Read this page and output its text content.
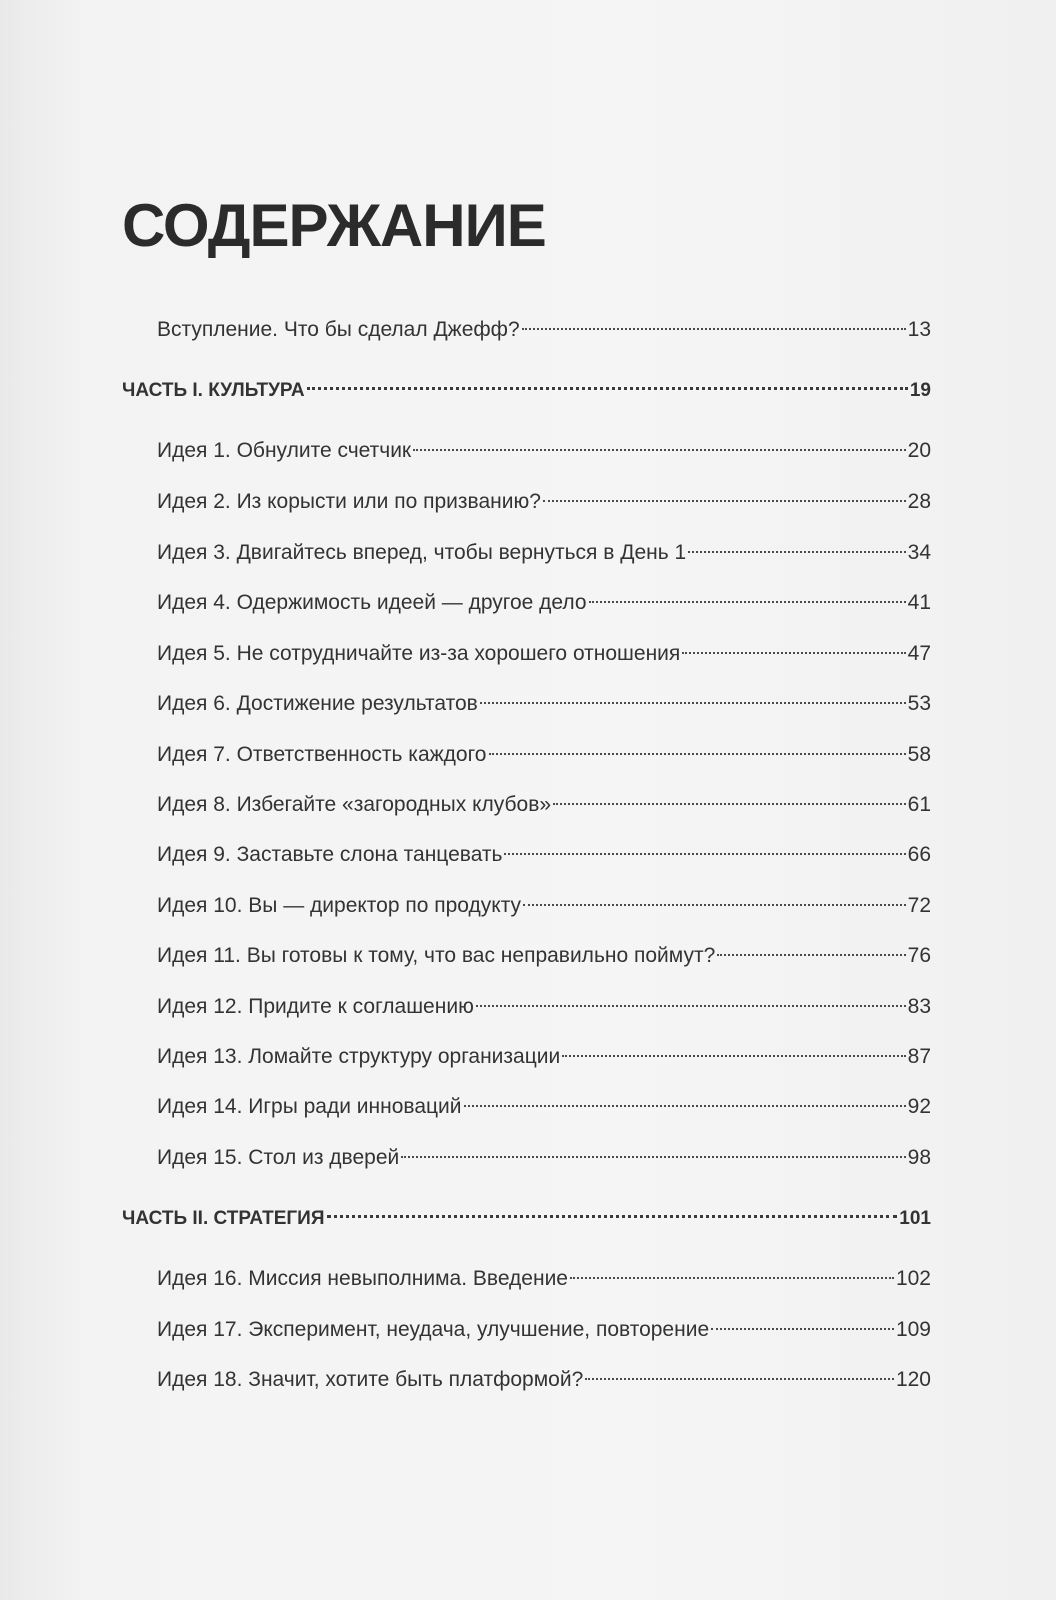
СОДЕРЖАНИЕ
Вступление. Что бы сделал Джефф?	13
ЧАСТЬ I. КУЛЬТУРА	19
Идея 1. Обнулите счетчик	20
Идея 2. Из корысти или по призванию?	28
Идея 3. Двигайтесь вперед, чтобы вернуться в День 1	34
Идея 4. Одержимость идеей — другое дело	41
Идея 5. Не сотрудничайте из-за хорошего отношения	47
Идея 6. Достижение результатов	53
Идея 7. Ответственность каждого	58
Идея 8. Избегайте «загородных клубов»	61
Идея 9. Заставьте слона танцевать	66
Идея 10. Вы — директор по продукту	72
Идея 11. Вы готовы к тому, что вас неправильно поймут?	76
Идея 12. Придите к соглашению	83
Идея 13. Ломайте структуру организации	87
Идея 14. Игры ради инноваций	92
Идея 15. Стол из дверей	98
ЧАСТЬ II. СТРАТЕГИЯ	101
Идея 16. Миссия невыполнима. Введение	102
Идея 17. Эксперимент, неудача, улучшение, повторение	109
Идея 18. Значит, хотите быть платформой?	120
